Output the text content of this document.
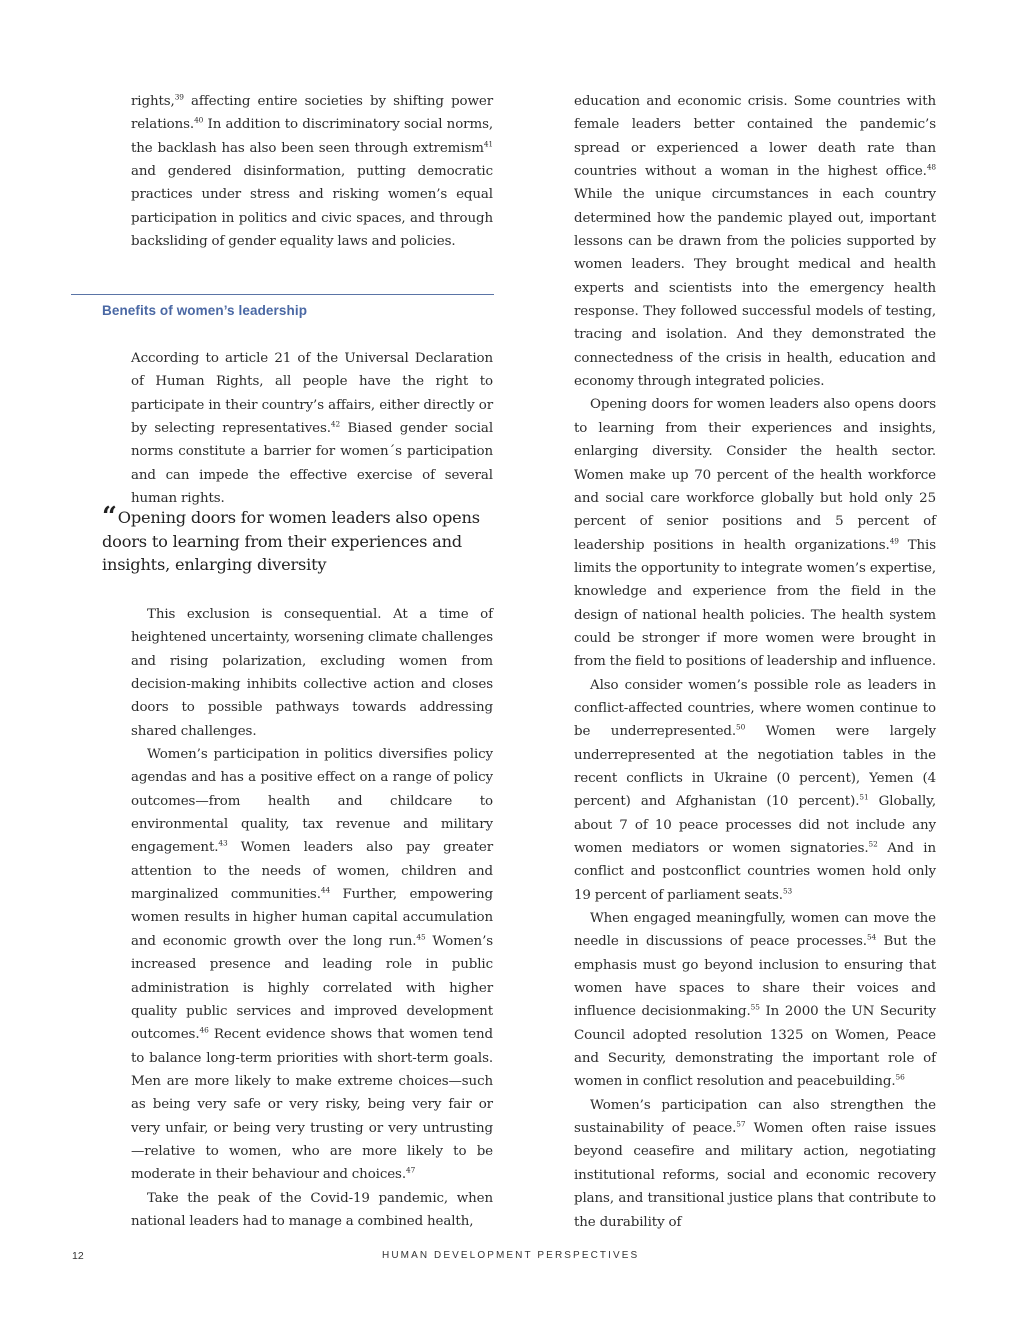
rights,$^{39}$ affecting entire societies by shifting power relations.$^{40}$ In addition to discriminatory social norms, the backlash has also been seen through extremism$^{41}$ and gendered disinformation, putting democratic practices under stress and risking women’s equal participation in politics and civic spaces, and through backsliding of gender equality laws and policies.

Benefits of women’s leadership

According to article 21 of the Universal Declaration of Human Rights, all people have the right to participate in their country’s affairs, either directly or by selecting representatives.$^{42}$ Biased gender social norms constitute a barrier for women´s participation and can impede the effective exercise of several human rights.

“Opening doors for women leaders also opens doors to learning from their experiences and insights, enlarging diversity

This exclusion is consequential. At a time of heightened uncertainty, worsening climate challenges and rising polarization, excluding women from decision-making inhibits collective action and closes doors to possible pathways towards addressing shared challenges.

Women’s participation in politics diversifies policy agendas and has a positive effect on a range of policy outcomes—from health and childcare to environmental quality, tax revenue and military engagement.$^{43}$ Women leaders also pay greater attention to the needs of women, children and marginalized communities.$^{44}$ Further, empowering women results in higher human capital accumulation and economic growth over the long run.$^{45}$ Women’s increased presence and leading role in public administration is highly correlated with higher quality public services and improved development outcomes.$^{46}$ Recent evidence shows that women tend to balance long-term priorities with short-term goals. Men are more likely to make extreme choices—such as being very safe or very risky, being very fair or very unfair, or being very trusting or very untrusting—relative to women, who are more likely to be moderate in their behaviour and choices.$^{47}$

Take the peak of the Covid-19 pandemic, when national leaders had to manage a combined health,

education and economic crisis. Some countries with female leaders better contained the pandemic’s spread or experienced a lower death rate than countries without a woman in the highest office.$^{48}$ While the unique circumstances in each country determined how the pandemic played out, important lessons can be drawn from the policies supported by women leaders. They brought medical and health experts and scientists into the emergency health response. They followed successful models of testing, tracing and isolation. And they demonstrated the connectedness of the crisis in health, education and economy through integrated policies.

Opening doors for women leaders also opens doors to learning from their experiences and insights, enlarging diversity. Consider the health sector. Women make up 70 percent of the health workforce and social care workforce globally but hold only 25 percent of senior positions and 5 percent of leadership positions in health organizations.$^{49}$ This limits the opportunity to integrate women’s expertise, knowledge and experience from the field in the design of national health policies. The health system could be stronger if more women were brought in from the field to positions of leadership and influence.

Also consider women’s possible role as leaders in conflict-affected countries, where women continue to be underrepresented.$^{50}$ Women were largely underrepresented at the negotiation tables in the recent conflicts in Ukraine (0 percent), Yemen (4 percent) and Afghanistan (10 percent).$^{51}$ Globally, about 7 of 10 peace processes did not include any women mediators or women signatories.$^{52}$ And in conflict and postconflict countries women hold only 19 percent of parliament seats.$^{53}$

When engaged meaningfully, women can move the needle in discussions of peace processes.$^{54}$ But the emphasis must go beyond inclusion to ensuring that women have spaces to share their voices and influence decisionmaking.$^{55}$ In 2000 the UN Security Council adopted resolution 1325 on Women, Peace and Security, demonstrating the important role of women in conflict resolution and peacebuilding.$^{56}$

Women’s participation can also strengthen the sustainability of peace.$^{57}$ Women often raise issues beyond ceasefire and military action, negotiating institutional reforms, social and economic recovery plans, and transitional justice plans that contribute to the durability of

12	HUMAN DEVELOPMENT PERSPECTIVES
